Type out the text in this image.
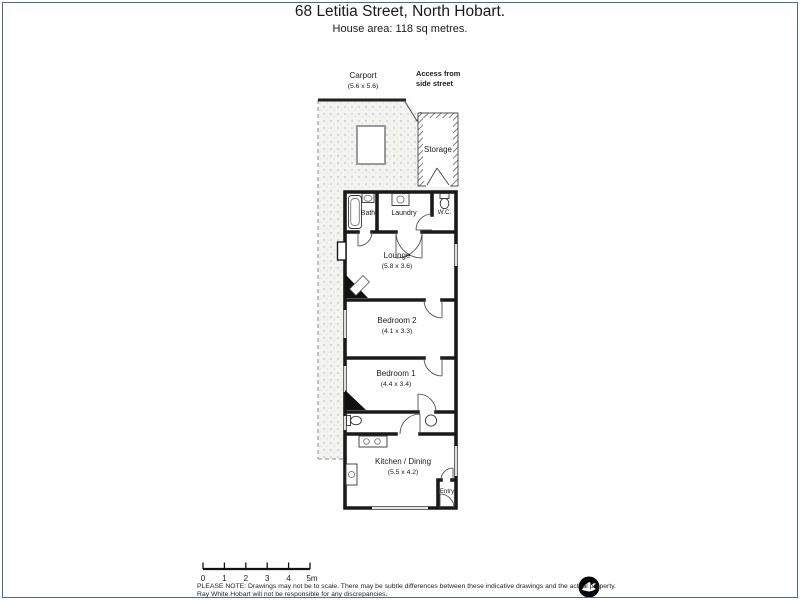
68 Letitia Street, North Hobart.
House area: 118 sq metres.
Storage
Carport
(5.6 x 5.6)
Access from
side street
Bath Laundry	W.C.
Lounge
(5.8 x 3.6)
Bedroom 2
(4.1 x 3.3)
Bedroom 1
(4.4 x 3.4)
Kitchen / Dining
(5.5 x 4.2)
Entry
0 1 2 3 4 5m
PLEASE NOTE: Drawings may not be to scale. There may be subtle differences between these indicative drawings and the actual property.
Ray White Hobart will not be responsible for any discrepancies.
